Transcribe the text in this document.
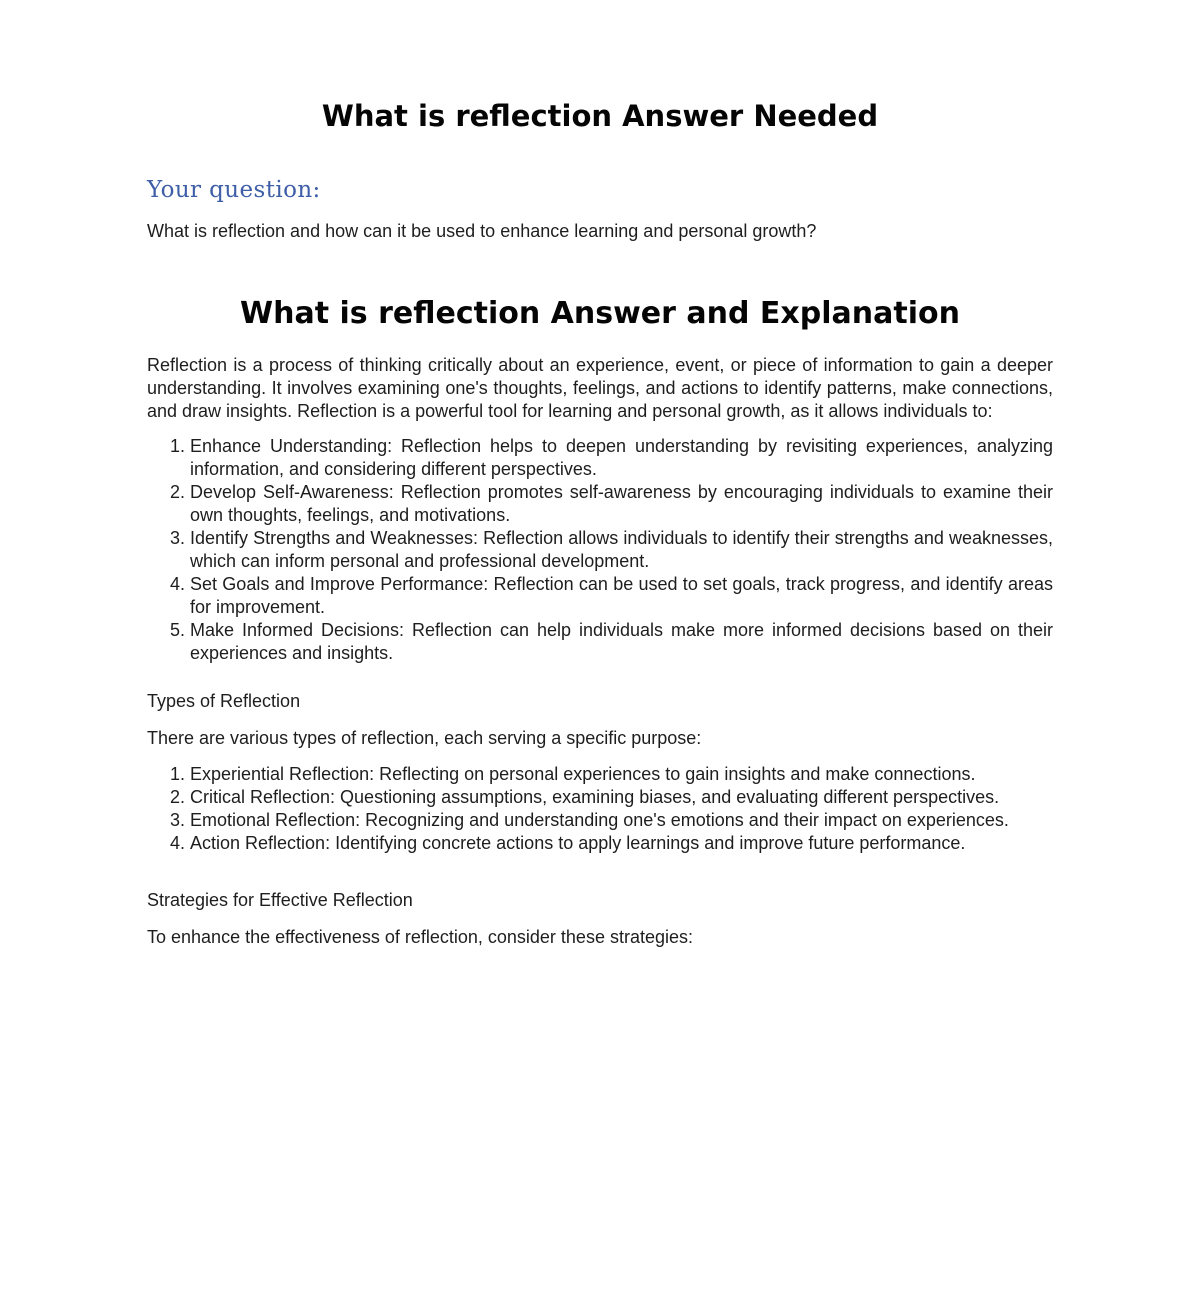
What is reflection Answer Needed
Your question:

What is reflection and how can it be used to enhance learning and personal growth?

What is reflection Answer and Explanation

Reflection is a process of thinking critically about an experience, event, or piece of information to gain a deeper understanding. It involves examining one's thoughts, feelings, and actions to identify patterns, make connections, and draw insights. Reflection is a powerful tool for learning and personal growth, as it allows individuals to:

1. Enhance Understanding: Reflection helps to deepen understanding by revisiting experiences, analyzing information, and considering different perspectives.
2. Develop Self-Awareness: Reflection promotes self-awareness by encouraging individuals to examine their own thoughts, feelings, and motivations.
3. Identify Strengths and Weaknesses: Reflection allows individuals to identify their strengths and weaknesses, which can inform personal and professional development.
4. Set Goals and Improve Performance: Reflection can be used to set goals, track progress, and identify areas for improvement.
5. Make Informed Decisions: Reflection can help individuals make more informed decisions based on their experiences and insights.

Types of Reflection

There are various types of reflection, each serving a specific purpose:

1. Experiential Reflection: Reflecting on personal experiences to gain insights and make connections.
2. Critical Reflection: Questioning assumptions, examining biases, and evaluating different perspectives.
3. Emotional Reflection: Recognizing and understanding one's emotions and their impact on experiences.
4. Action Reflection: Identifying concrete actions to apply learnings and improve future performance.

Strategies for Effective Reflection

To enhance the effectiveness of reflection, consider these strategies:
